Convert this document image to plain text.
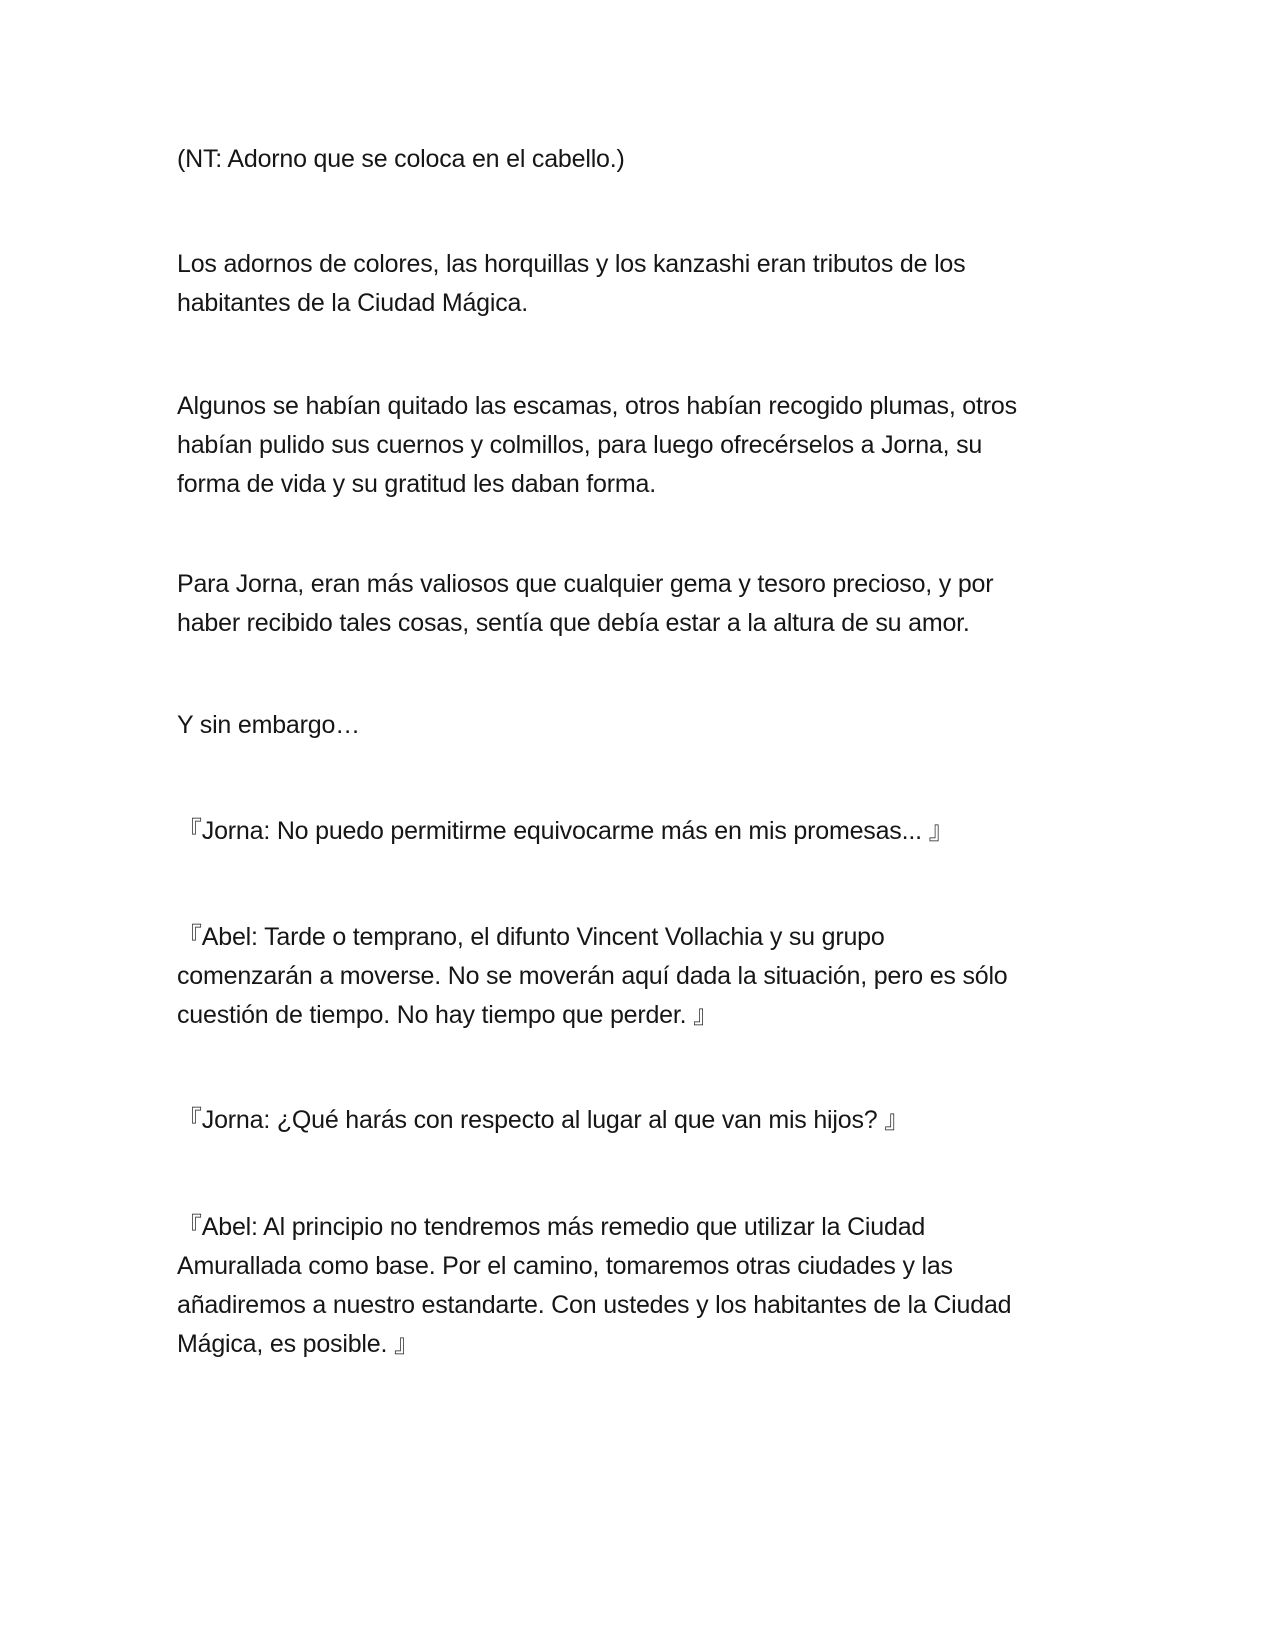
(NT: Adorno que se coloca en el cabello.)

Los adornos de colores, las horquillas y los kanzashi eran tributos de los
habitantes de la Ciudad Mágica.

Algunos se habían quitado las escamas, otros habían recogido plumas, otros
habían pulido sus cuernos y colmillos, para luego ofrecérselos a Jorna, su
forma de vida y su gratitud les daban forma.

Para Jorna, eran más valiosos que cualquier gema y tesoro precioso, y por
haber recibido tales cosas, sentía que debía estar a la altura de su amor.

Y sin embargo…

『Jorna: No puedo permitirme equivocarme más en mis promesas... 』

『Abel: Tarde o temprano, el difunto Vincent Vollachia y su grupo
comenzarán a moverse. No se moverán aquí dada la situación, pero es sólo
cuestión de tiempo. No hay tiempo que perder. 』

『Jorna: ¿Qué harás con respecto al lugar al que van mis hijos? 』

『Abel: Al principio no tendremos más remedio que utilizar la Ciudad
Amurallada como base. Por el camino, tomaremos otras ciudades y las
añadiremos a nuestro estandarte. Con ustedes y los habitantes de la Ciudad
Mágica, es posible. 』
